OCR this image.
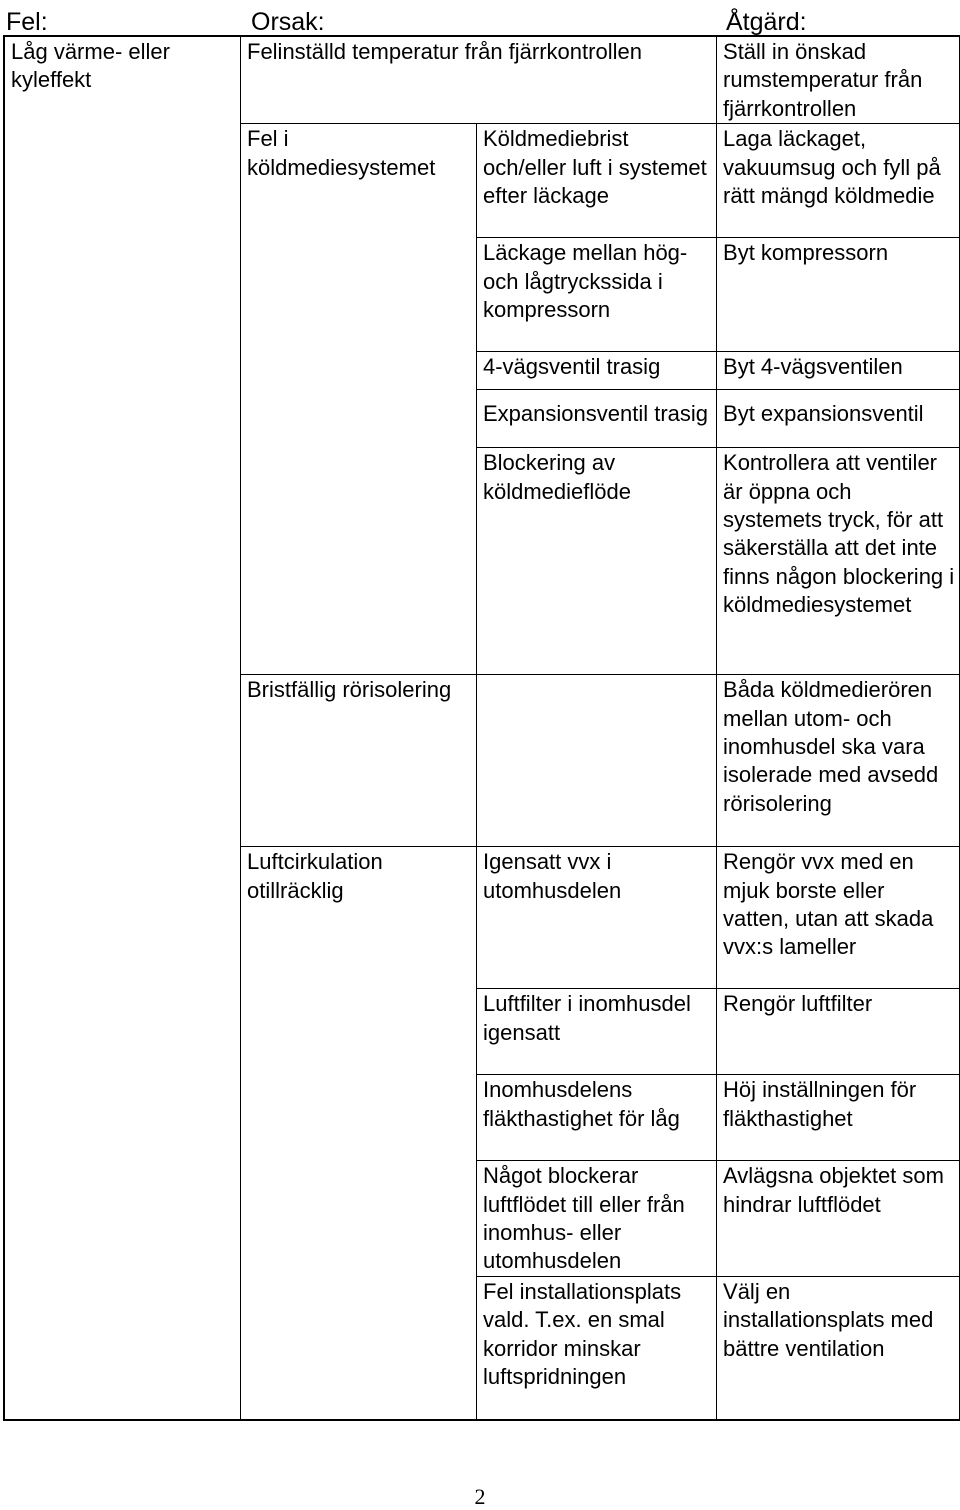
Fel:	Orsak:	Åtgärd:
Låg värme- eller kyleffekt	Felinställd temperatur från fjärrkontrollen		Ställ in önskad rumstemperatur från fjärrkontrollen
	Fel i köldmediesystemet	Köldmediebrist och/eller luft i systemet efter läckage	Laga läckaget, vakuumsug och fyll på rätt mängd köldmedie
		Läckage mellan hög- och lågtryckssida i kompressorn	Byt kompressorn
		4-vägsventil trasig	Byt 4-vägsventilen
		Expansionsventil trasig	Byt expansionsventil
		Blockering av köldmedieflöde	Kontrollera att ventiler är öppna och systemets tryck, för att säkerställa att det inte finns någon blockering i köldmediesystemet
	Bristfällig rörisolering		Båda köldmedierören mellan utom- och inomhusdel ska vara isolerade med avsedd rörisolering
	Luftcirkulation otillräcklig	Igensatt vvx i utomhusdelen	Rengör vvx med en mjuk borste eller vatten, utan att skada vvx:s lameller
		Luftfilter i inomhusdel igensatt	Rengör luftfilter
		Inomhusdelens fläkthastighet för låg	Höj inställningen för fläkthastighet
		Något blockerar luftflödet till eller från inomhus- eller utomhusdelen	Avlägsna objektet som hindrar luftflödet
		Fel installationsplats vald. T.ex. en smal korridor minskar luftspridningen	Välj en installationsplats med bättre ventilation
2
